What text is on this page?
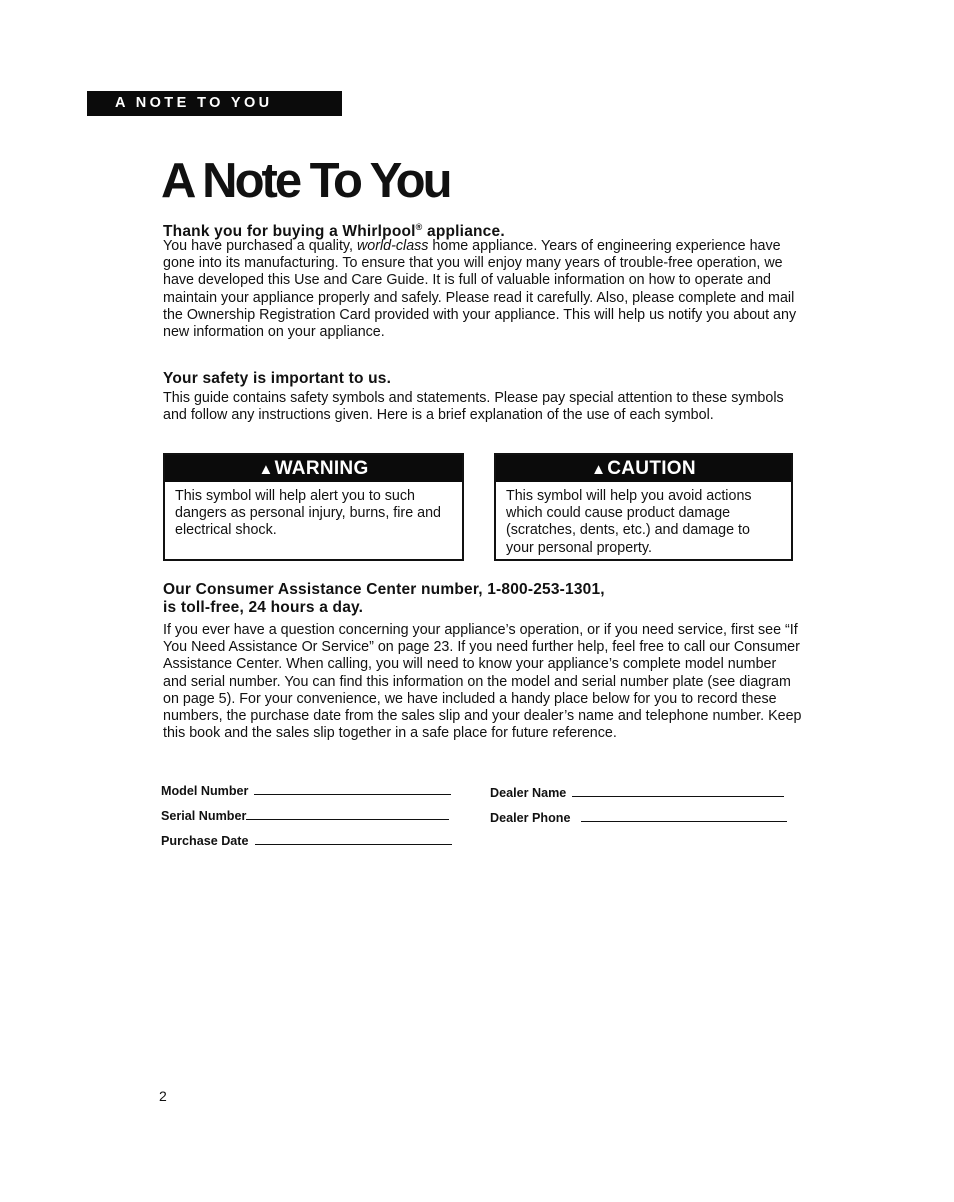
A NOTE TO YOU
A Note To You
Thank you for buying a Whirlpool® appliance.

You have purchased a quality, world-class home appliance. Years of engineering experience have gone into its manufacturing. To ensure that you will enjoy many years of trouble-free operation, we have developed this Use and Care Guide. It is full of valuable information on how to operate and maintain your appliance properly and safely. Please read it carefully. Also, please complete and mail the Ownership Registration Card provided with your appliance. This will help us notify you about any new information on your appliance.

Your safety is important to us.

This guide contains safety symbols and statements. Please pay special attention to these symbols and follow any instructions given. Here is a brief explanation of the use of each symbol.

▲WARNING

This symbol will help alert you to such dangers as personal injury, burns, fire and electrical shock.

▲CAUTION

This symbol will help you avoid actions which could cause product damage (scratches, dents, etc.) and damage to your personal property.

Our Consumer Assistance Center number, 1-800-253-1301,
is toll-free, 24 hours a day.

If you ever have a question concerning your appliance’s operation, or if you need service, first see “If You Need Assistance Or Service” on page 23. If you need further help, feel free to call our Consumer Assistance Center. When calling, you will need to know your appliance’s complete model number and serial number. You can find this information on the model and serial number plate (see diagram on page 5). For your convenience, we have included a handy place below for you to record these numbers, the purchase date from the sales slip and your dealer’s name and telephone number. Keep this book and the sales slip together in a safe place for future reference.

Model Number
Serial Number
Purchase Date
Dealer Name
Dealer Phone
2
